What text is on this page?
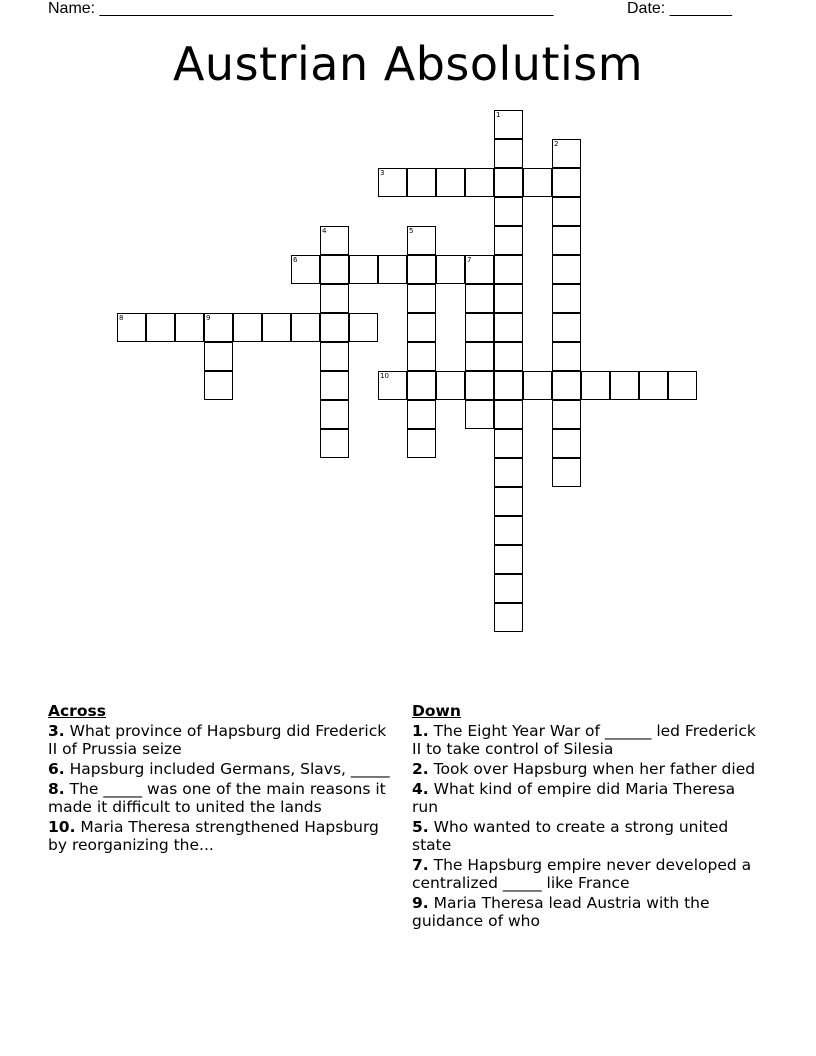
Name: ___________________________________________________	Date: _______
Austrian Absolutism
1
2
3
4	5
6	7
8	9
10
Across
3. What province of Hapsburg did Frederick II of Prussia seize
6. Hapsburg included Germans, Slavs, _____
8. The _____ was one of the main reasons it made it difficult to united the lands
10. Maria Theresa strengthened Hapsburg by reorganizing the...
Down
1. The Eight Year War of ______ led Frederick II to take control of Silesia
2. Took over Hapsburg when her father died
4. What kind of empire did Maria Theresa run
5. Who wanted to create a strong united state
7. The Hapsburg empire never developed a centralized _____ like France
9. Maria Theresa lead Austria with the guidance of who
